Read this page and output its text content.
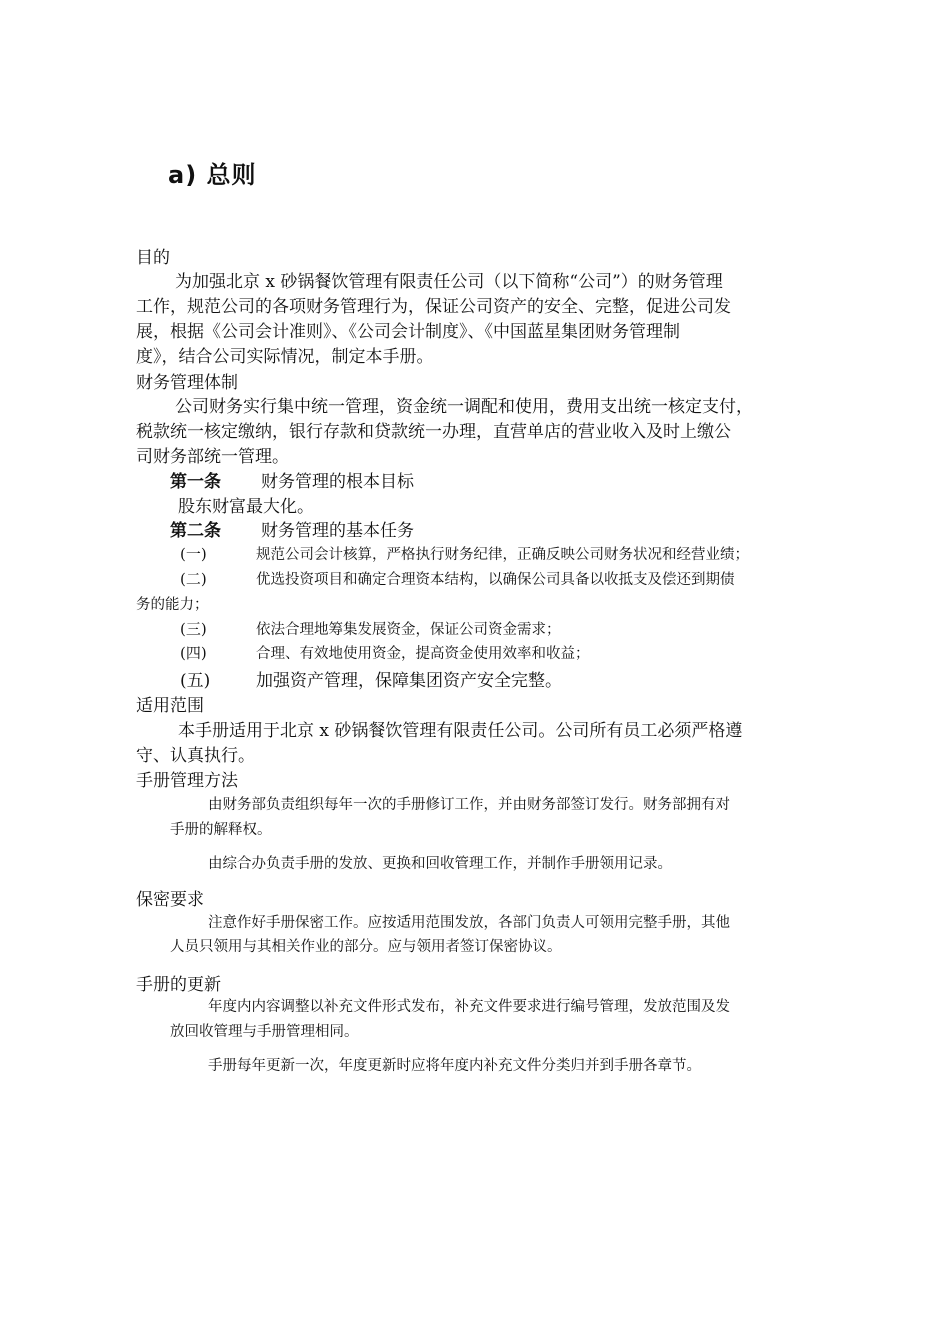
a) 总则
目的
为加强北京 x 砂锅餐饮管理有限责任公司（以下简称“公司”）的财务管理
工作，规范公司的各项财务管理行为，保证公司资产的安全、完整，促进公司发
展，根据《公司会计准则》、《公司会计制度》、《中国蓝星集团财务管理制
度》，结合公司实际情况，制定本手册。
财务管理体制
公司财务实行集中统一管理，资金统一调配和使用，费用支出统一核定支付，
税款统一核定缴纳，银行存款和贷款统一办理，直营单店的营业收入及时上缴公
司财务部统一管理。
第一条 财务管理的根本目标
股东财富最大化。
第二条 财务管理的基本任务
(一)	规范公司会计核算，严格执行财务纪律，正确反映公司财务状况和经营业绩；
(二)	优选投资项目和确定合理资本结构，以确保公司具备以收抵支及偿还到期债
务的能力；
(三)	依法合理地筹集发展资金，保证公司资金需求；
(四)	合理、有效地使用资金，提高资金使用效率和收益；
(五)	加强资产管理，保障集团资产安全完整。
适用范围
本手册适用于北京 x 砂锅餐饮管理有限责任公司。公司所有员工必须严格遵
守、认真执行。
手册管理方法
由财务部负责组织每年一次的手册修订工作，并由财务部签订发行。财务部拥有对
手册的解释权。
由综合办负责手册的发放、更换和回收管理工作，并制作手册领用记录。
保密要求
注意作好手册保密工作。应按适用范围发放，各部门负责人可领用完整手册，其他
人员只领用与其相关作业的部分。应与领用者签订保密协议。
手册的更新
年度内内容调整以补充文件形式发布，补充文件要求进行编号管理，发放范围及发
放回收管理与手册管理相同。
手册每年更新一次，年度更新时应将年度内补充文件分类归并到手册各章节。
